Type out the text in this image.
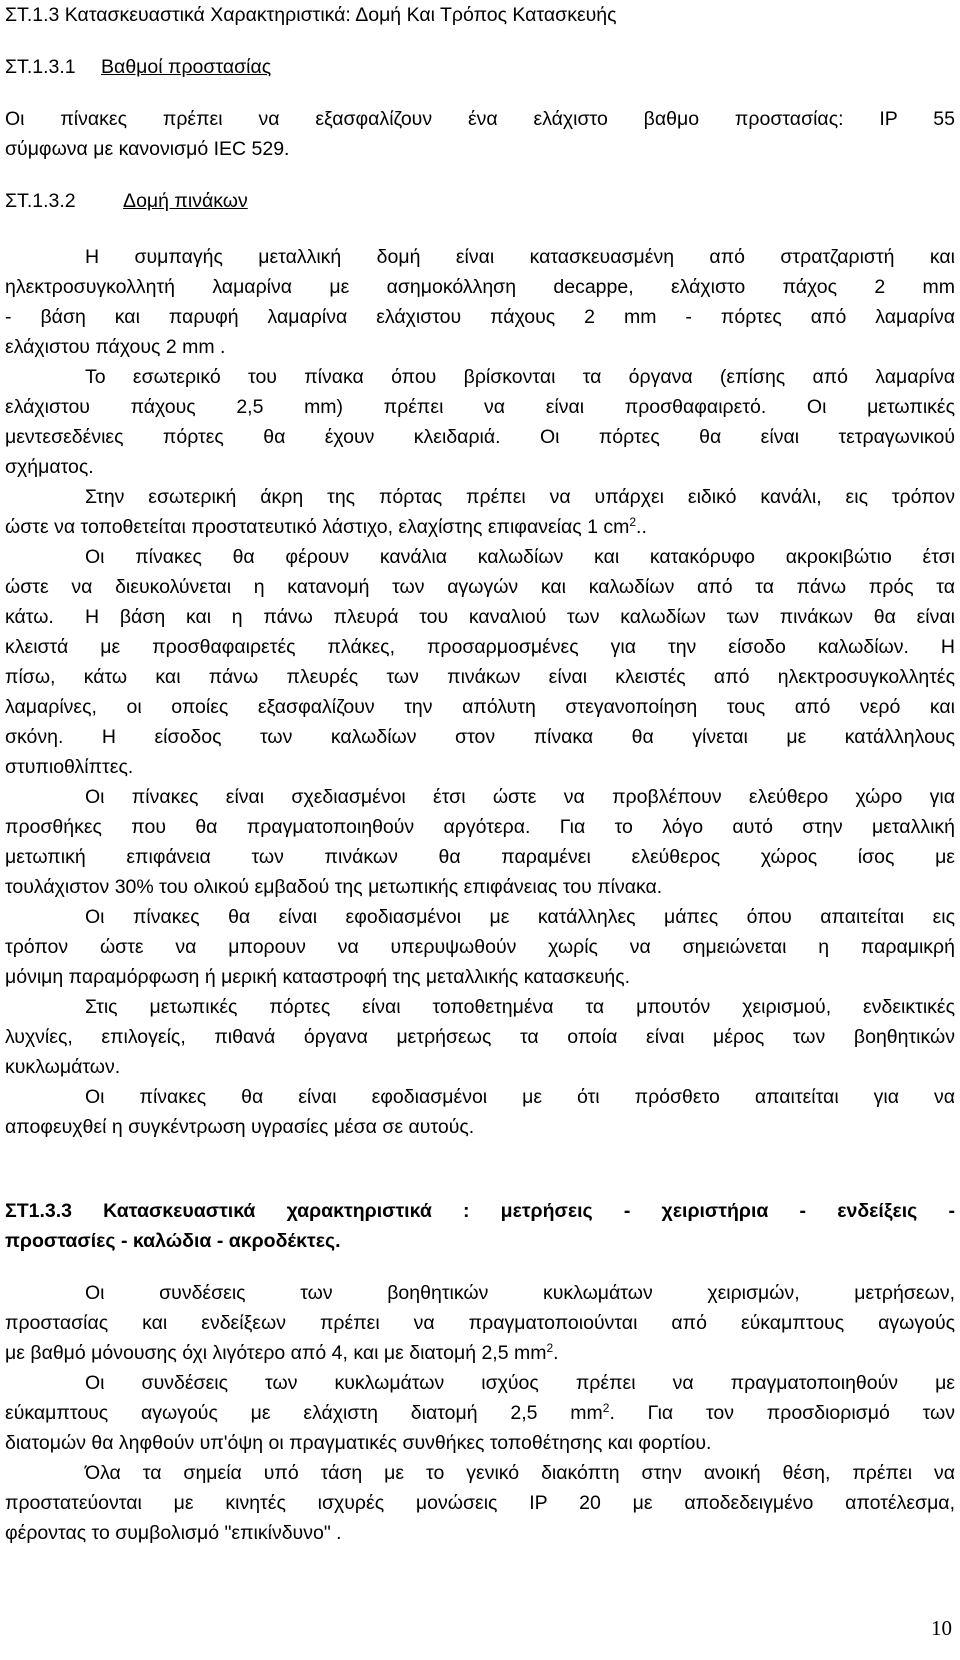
ΣΤ.1.3 Κατασκευαστικά Χαρακτηριστικά: Δομή Και Τρόπος Κατασκευής
ΣΤ.1.3.1 Βαθμοί προστασίας
Οι πίνακες πρέπει να εξασφαλίζουν ένα ελάχιστο βαθμο προστασίας: IP 55
σύμφωνα με κανονισμό IEC 529.
ΣΤ.1.3.2 Δομή πινάκων
Η συμπαγής μεταλλική δομή είναι κατασκευασμένη από στρατζαριστή και
ηλεκτροσυγκολλητή λαμαρίνα με ασημοκόλληση decappe, ελάχιστο πάχος 2 mm
- βάση και παρυφή λαμαρίνα ελάχιστου πάχους 2 mm - πόρτες από λαμαρίνα
ελάχιστου πάχους 2 mm .
Το εσωτερικό του πίνακα όπου βρίσκονται τα όργανα (επίσης από λαμαρίνα
ελάχιστου πάχους 2,5 mm) πρέπει να είναι προσθαφαιρετό. Οι μετωπικές
μεντεσεδένιες πόρτες θα έχουν κλειδαριά. Οι πόρτες θα είναι τετραγωνικού
σχήματος.
Στην εσωτερική άκρη της πόρτας πρέπει να υπάρχει ειδικό κανάλι, εις τρόπον
ώστε να τοποθετείται προστατευτικό λάστιχο, ελαχίστης επιφανείας 1 $cm^2$..
Οι πίνακες θα φέρουν κανάλια καλωδίων και κατακόρυφο ακροκιβώτιο έτσι
ώστε να διευκολύνεται η κατανομή των αγωγών και καλωδίων από τα πάνω πρός τα
κάτω.	Η βάση και η πάνω πλευρά του καναλιού των καλωδίων των πινάκων θα είναι
κλειστά με προσθαφαιρετές πλάκες, προσαρμοσμένες για την είσοδο καλωδίων. Η
πίσω, κάτω και πάνω πλευρές των πινάκων είναι κλειστές από ηλεκτροσυγκολλητές
λαμαρίνες, οι οποίες εξασφαλίζουν την απόλυτη στεγανοποίηση τους από νερό και
σκόνη. Η είσοδος των καλωδίων στον πίνακα θα γίνεται με κατάλληλους
στυπιοθλίπτες.
Οι πίνακες είναι σχεδιασμένοι έτσι ώστε να προβλέπουν ελεύθερο χώρο για
προσθήκες που θα πραγματοποιηθούν αργότερα. Για το λόγο αυτό στην μεταλλική
μετωπική επιφάνεια των πινάκων θα παραμένει ελεύθερος χώρος ίσος με
τουλάχιστον 30% του ολικού εμβαδού της μετωπικής επιφάνειας του πίνακα.
Οι πίνακες θα είναι εφοδιασμένοι με κατάλληλες μάπες όπου απαιτείται εις
τρόπον ώστε να μπορουν να υπερυψωθούν χωρίς να σημειώνεται η παραμικρή
μόνιμη παραμόρφωση ή μερική καταστροφή της μεταλλικής κατασκευής.
Στις μετωπικές πόρτες είναι τοποθετημένα τα μπουτόν χειρισμού, ενδεικτικές
λυχνίες, επιλογείς, πιθανά όργανα μετρήσεως τα οποία είναι μέρος των βοηθητικών
κυκλωμάτων.
Οι πίνακες θα είναι εφοδιασμένοι με ότι πρόσθετο απαιτείται για να
αποφευχθεί η συγκέντρωση υγρασίες μέσα σε αυτούς.
ΣΤ1.3.3 Κατασκευαστικά χαρακτηριστικά : μετρήσεις - χειριστήρια - ενδείξεις -
προστασίες - καλώδια - ακροδέκτες.
Οι συνδέσεις των βοηθητικών κυκλωμάτων χειρισμών, μετρήσεων,
προστασίας και ενδείξεων πρέπει να πραγματοποιούνται από εύκαμπτους αγωγούς
με βαθμό μόνουσης όχι λιγότερο από 4, και με διατομή 2,5 $mm^2$.
Οι συνδέσεις των κυκλωμάτων ισχύος πρέπει να πραγματοποιηθούν με
εύκαμπτους αγωγούς με ελάχιστη διατομή 2,5 $mm^2$. Για τον προσδιορισμό των
διατομών θα ληφθούν υπ'όψη οι πραγματικές συνθήκες τοποθέτησης και φορτίου.
Όλα τα σημεία υπό τάση με το γενικό διακόπτη στην ανοική θέση, πρέπει να
προστατεύονται με κινητές ισχυρές μονώσεις IP 20 με αποδεδειγμένο αποτέλεσμα,
φέροντας το συμβολισμό "επικίνδυνο" .
10
